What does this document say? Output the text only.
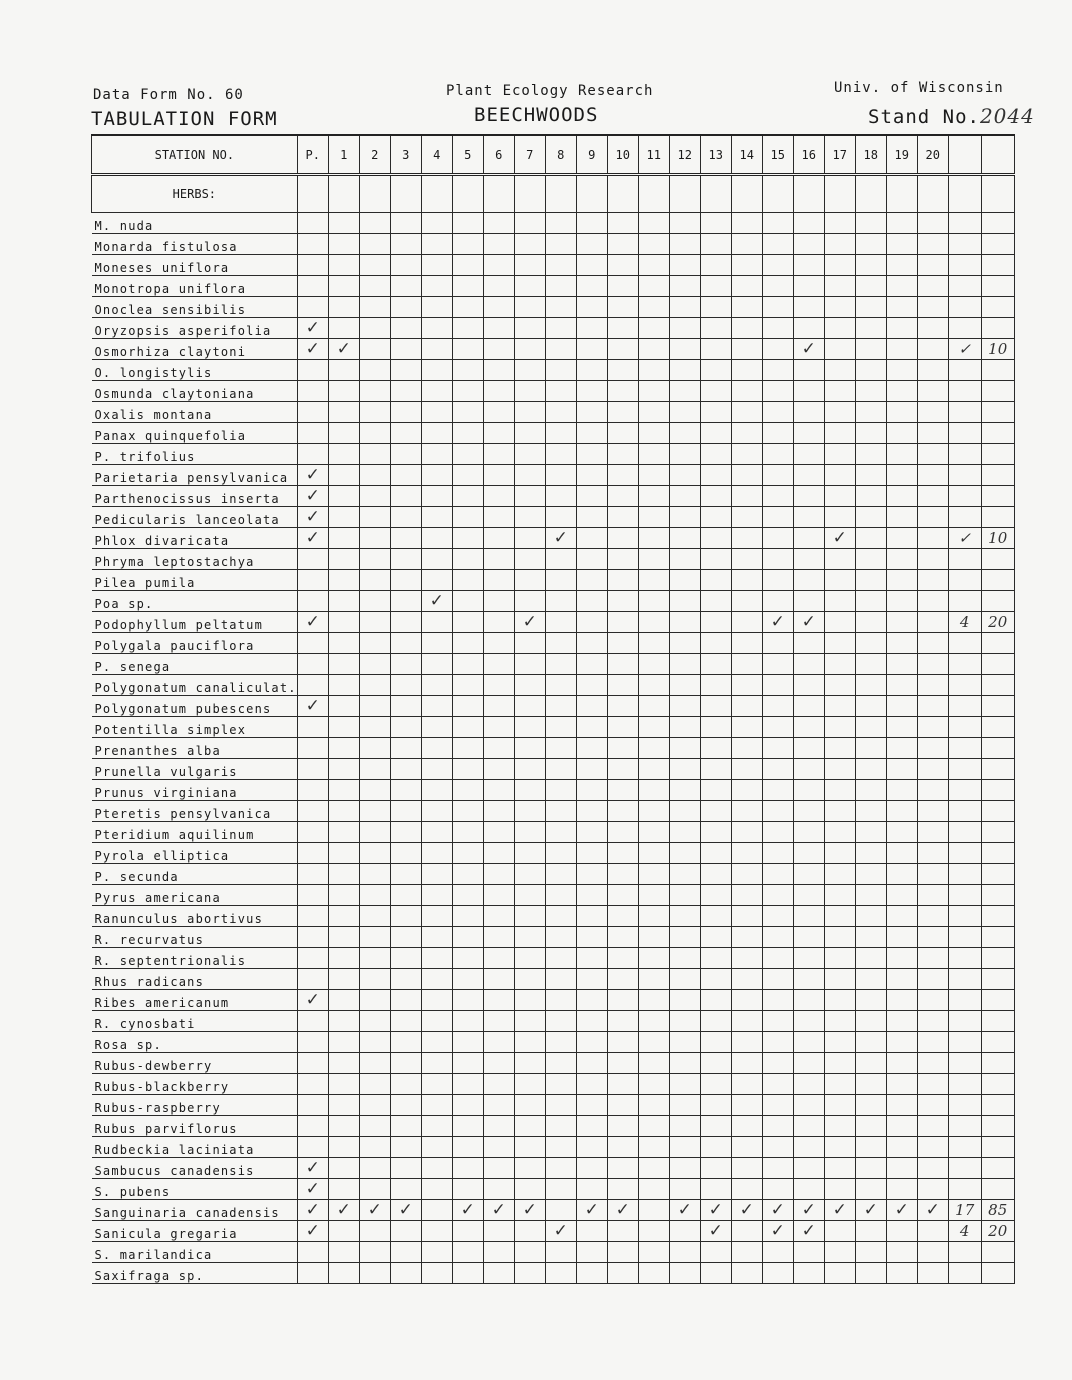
Data Form No. 60
TABULATION FORM
Plant Ecology Research
BEECHWOODS
Univ. of Wisconsin
Stand No.2044
STATION NO.	P.	1	2	3	4	5	6	7	8	9	10	11	12	13	14	15	16	17	18	19	20		
HERBS:																							
M. nuda																							
Monarda fistulosa																							
Moneses uniflora																							
Monotropa uniflora																							
Onoclea sensibilis																							
Oryzopsis asperifolia	✓																						
Osmorhiza claytoni	✓	✓															✓					✓	10
O. longistylis																							
Osmunda claytoniana																							
Oxalis montana																							
Panax quinquefolia																							
P. trifolius																							
Parietaria pensylvanica	✓																						
Parthenocissus inserta	✓																						
Pedicularis lanceolata	✓																						
Phlox divaricata	✓								✓									✓				✓	10
Phryma leptostachya																							
Pilea pumila																							
Poa sp.					✓																		
Podophyllum peltatum	✓							✓								✓	✓					4	20
Polygala pauciflora																							
P. senega																							
Polygonatum canaliculat.																							
Polygonatum pubescens	✓																						
Potentilla simplex																							
Prenanthes alba																							
Prunella vulgaris																							
Prunus virginiana																							
Pteretis pensylvanica																							
Pteridium aquilinum																							
Pyrola elliptica																							
P. secunda																							
Pyrus americana																							
Ranunculus abortivus																							
R. recurvatus																							
R. septentrionalis																							
Rhus radicans																							
Ribes americanum	✓																						
R. cynosbati																							
Rosa sp.																							
Rubus-dewberry																							
Rubus-blackberry																							
Rubus-raspberry																							
Rubus parviflorus																							
Rudbeckia laciniata																							
Sambucus canadensis	✓																						
S. pubens	✓																						
Sanguinaria canadensis	✓	✓	✓	✓		✓	✓	✓		✓	✓		✓	✓	✓	✓	✓	✓	✓	✓	✓	17	85
Sanicula gregaria	✓								✓					✓		✓	✓					4	20
S. marilandica																							
Saxifraga sp.																							
